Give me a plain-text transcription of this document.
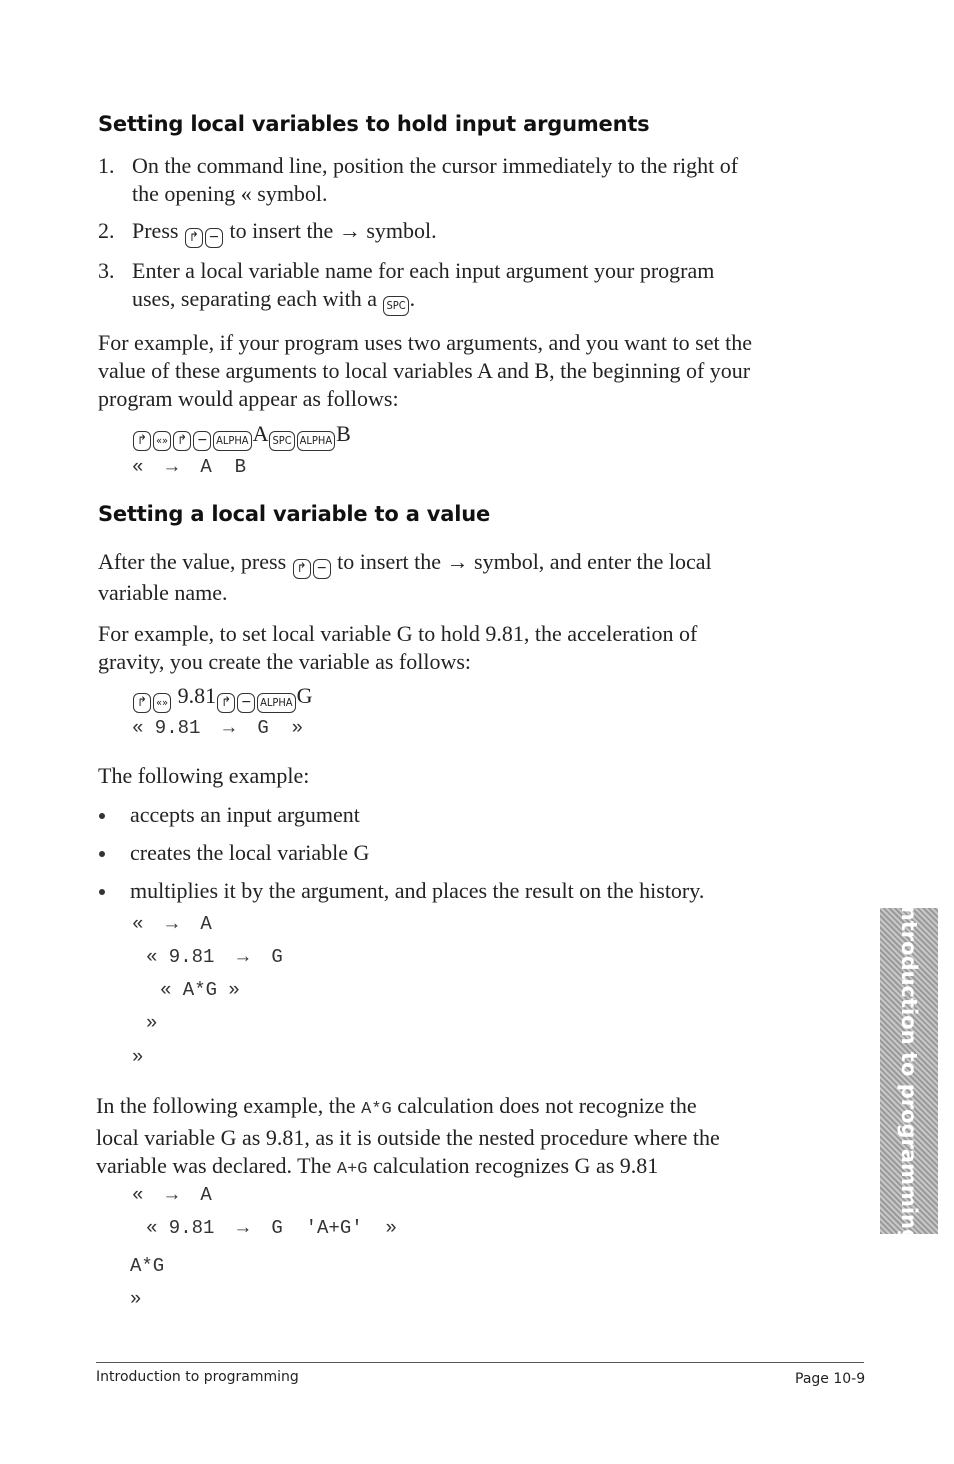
Setting local variables to hold input arguments
1. On the command line, position the cursor immediately to the right of
the opening « symbol.
2. Press ↱ − to insert the → symbol.
3. Enter a local variable name for each input argument your program
uses, separating each with a SPC .
For example, if your program uses two arguments, and you want to set the
value of these arguments to local variables A and B, the beginning of your
program would appear as follows:
↱«» ↱ −	ALPHA A SPC ALPHA B
«  →  A  B
Setting a local variable to a value
After the value, press ↱ − to insert the → symbol, and enter the local
variable name.
For example, to set local variable G to hold 9.81, the acceleration of
gravity, you create the variable as follows:
↱«» 9.81 ↱ −	ALPHA G
« 9.81  →  G  »
The following example:
accepts an input argument
creates the local variable G
multiplies it by the argument, and places the result on the history.
«  →  A
« 9.81  →  G
« A*G »
»
»
In the following example, the A*G calculation does not recognize the
local variable G as 9.81, as it is outside the nested procedure where the
variable was declared. The A+G calculation recognizes G as 9.81
«  →  A
« 9.81  →  G  'A+G'  »
A*G
»
Introduction to programming
Introduction to programming	Page 10-9
